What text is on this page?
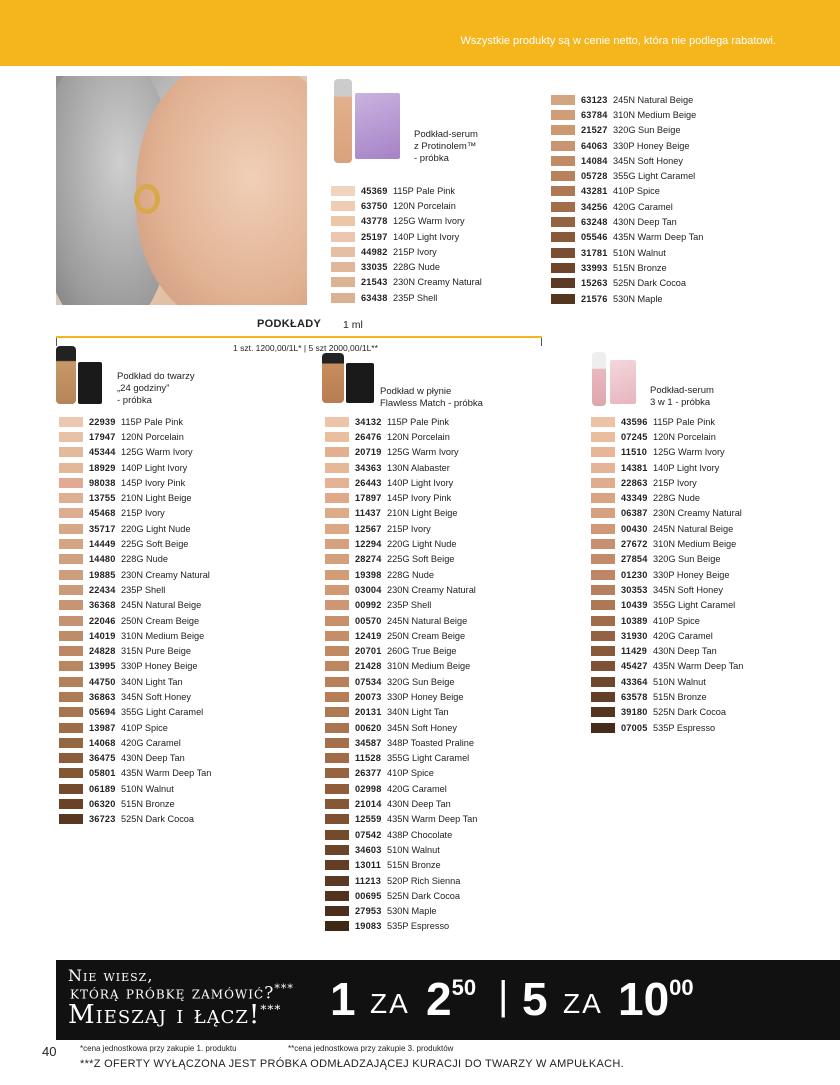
Wszystkie produkty są w cenie netto, która nie podlega rabatowi.
Podkład-serum
z Protinolem™
- próbka
45369 115P Pale Pink
63750 120N Porcelain
43778 125G Warm Ivory
25197 140P Light Ivory
44982 215P Ivory
33035 228G Nude
21543 230N Creamy Natural
63438 235P Shell
63123 245N Natural Beige
63784 310N Medium Beige
21527 320G Sun Beige
64063 330P Honey Beige
14084 345N Soft Honey
05728 355G Light Caramel
43281 410P Spice
34256 420G Caramel
63248 430N Deep Tan
05546 435N Warm Deep Tan
31781 510N Walnut
33993 515N Bronze
15263 525N Dark Cocoa
21576 530N Maple
PODKŁADY 1 ml
1 szt. 1200,00/1L* | 5 szt 2000,00/1L**
Podkład do twarzy
„24 godziny”
- próbka
22939 115P Pale Pink
17947 120N Porcelain
45344 125G Warm Ivory
18929 140P Light Ivory
98038 145P Ivory Pink
13755 210N Light Beige
45468 215P Ivory
35717 220G Light Nude
14449 225G Soft Beige
14480 228G Nude
19885 230N Creamy Natural
22434 235P Shell
36368 245N Natural Beige
22046 250N Cream Beige
14019 310N Medium Beige
24828 315N Pure Beige
13995 330P Honey Beige
44750 340N Light Tan
36863 345N Soft Honey
05694 355G Light Caramel
13987 410P Spice
14068 420G Caramel
36475 430N Deep Tan
05801 435N Warm Deep Tan
06189 510N Walnut
06320 515N Bronze
36723 525N Dark Cocoa
Podkład w płynie
Flawless Match - próbka
34132 115P Pale Pink
26476 120N Porcelain
20719 125G Warm Ivory
34363 130N Alabaster
26443 140P Light Ivory
17897 145P Ivory Pink
11437 210N Light Beige
12567 215P Ivory
12294 220G Light Nude
28274 225G Soft Beige
19398 228G Nude
03004 230N Creamy Natural
00992 235P Shell
00570 245N Natural Beige
12419 250N Cream Beige
20701 260G True Beige
21428 310N Medium Beige
07534 320G Sun Beige
20073 330P Honey Beige
20131 340N Light Tan
00620 345N Soft Honey
34587 348P Toasted Praline
11528 355G Light Caramel
26377 410P Spice
02998 420G Caramel
21014 430N Deep Tan
12559 435N Warm Deep Tan
07542 438P Chocolate
34603 510N Walnut
13011 515N Bronze
11213 520P Rich Sienna
00695 525N Dark Cocoa
27953 530N Maple
19083 535P Espresso
Podkład-serum
3 w 1 - próbka
43596 115P Pale Pink
07245 120N Porcelain
11510 125G Warm Ivory
14381 140P Light Ivory
22863 215P Ivory
43349 228G Nude
06387 230N Creamy Natural
00430 245N Natural Beige
27672 310N Medium Beige
27854 320G Sun Beige
01230 330P Honey Beige
30353 345N Soft Honey
10439 355G Light Caramel
10389 410P Spice
31930 420G Caramel
11429 430N Deep Tan
45427 435N Warm Deep Tan
43364 510N Walnut
63578 515N Bronze
39180 525N Dark Cocoa
07005 535P Espresso
Nie wiesz,
którą próbkę zamówić?***
Mieszaj i łącz!*** 1 ZA $2^{50}$ | 5 ZA $10^{00}$
40	*cena jednostkowa przy zakupie 1. produktu	**cena jednostkowa przy zakupie 3. produktów
***Z OFERTY WYŁĄCZONA JEST PRÓBKA ODMŁADZAJĄCEJ KURACJI DO TWARZY W AMPUŁKACH.
